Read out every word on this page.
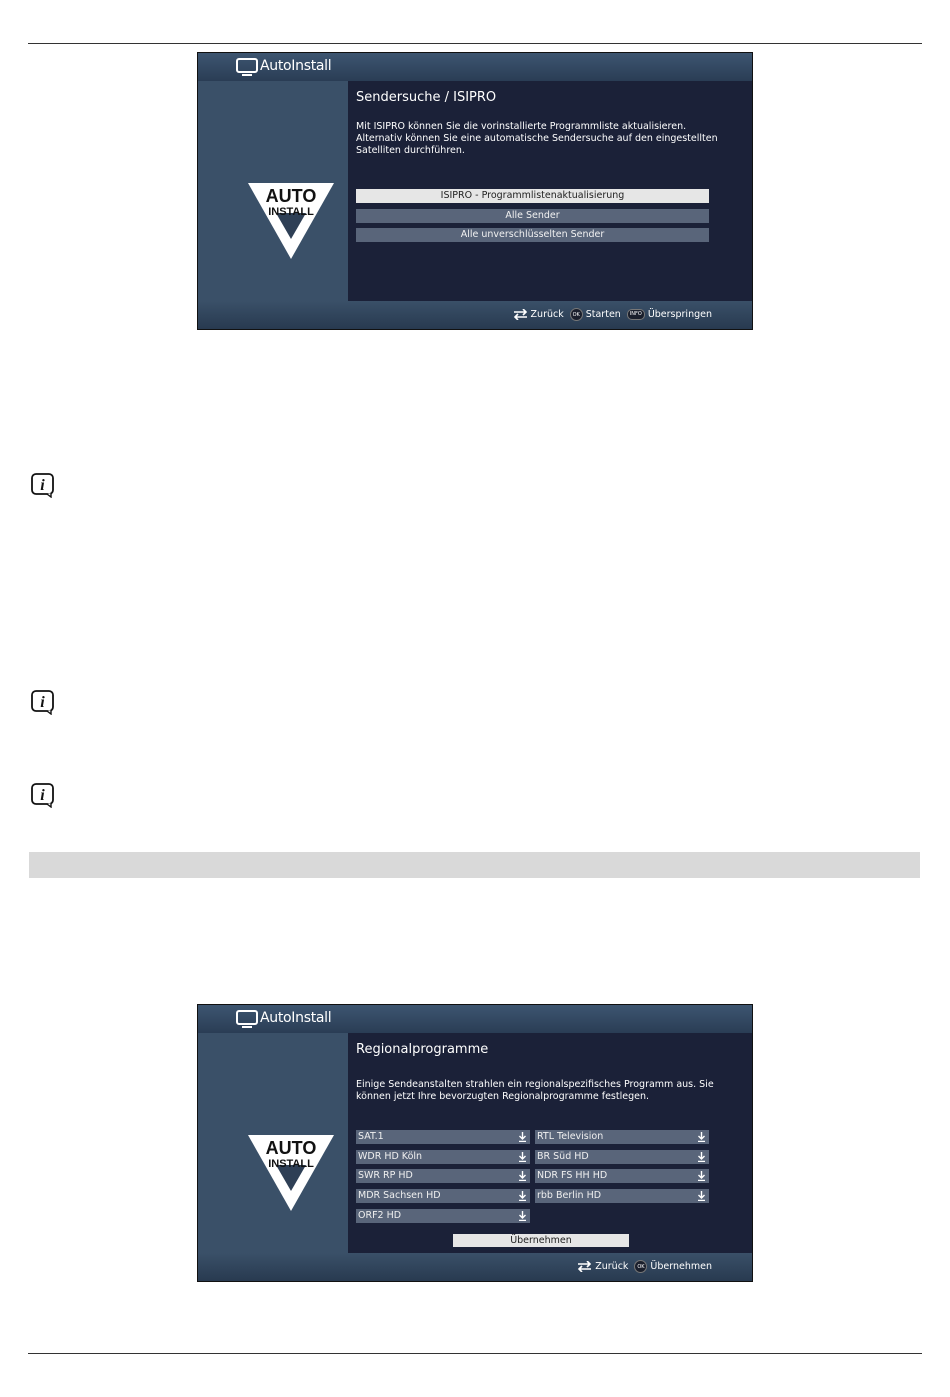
AutoInstall
AUTO
INSTALL
Sendersuche / ISIPRO
Mit ISIPRO können Sie die vorinstallierte Programmliste aktualisieren. Alternativ können Sie eine automatische Sendersuche auf den eingestellten Satelliten durchführen.
ISIPRO - Programmlistenaktualisierung
Alle Sender
Alle unverschlüsselten Sender
Zurück	OK Starten	INFO Überspringen
i
i
i
AutoInstall
AUTO
INSTALL
Regionalprogramme
Einige Sendeanstalten strahlen ein regionalspezifisches Programm aus. Sie können jetzt Ihre bevorzugten Regionalprogramme festlegen.
SAT.1	RTL Television
WDR HD Köln	BR Süd HD
SWR RP HD	NDR FS HH HD
MDR Sachsen HD	rbb Berlin HD
ORF2 HD
Übernehmen
Zurück	OK Übernehmen
